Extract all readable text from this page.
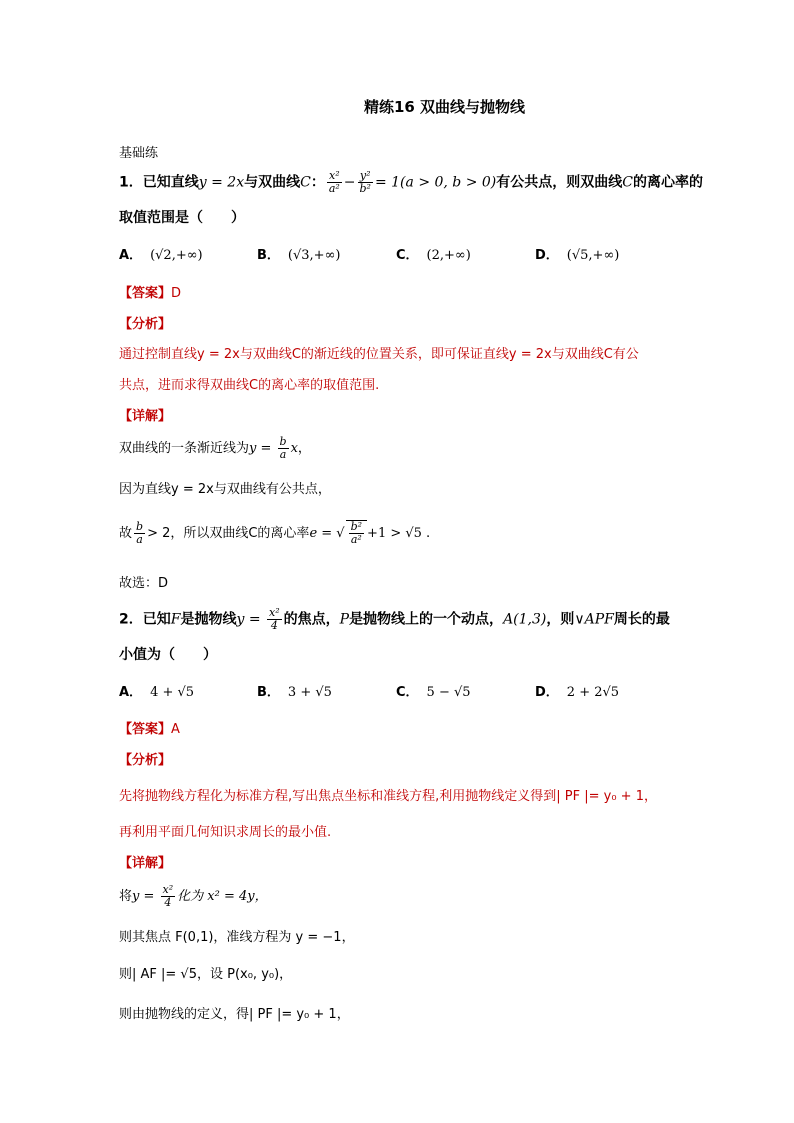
精练16 双曲线与抛物线
基础练
1．已知直线y = 2x与双曲线C： $\frac{\text{x²}}{\text{a²}} - \frac{\text{y²}}{\text{b²}} = 1(a > 0$, b > 0)有公共点，则双曲线C的离心率的
取值范围是（　　）
A． (√2,+∞)	B． (√3,+∞)	C． (2,+∞)	D． (√5,+∞)
【答案】D
【分析】
通过控制直线y = 2x与双曲线C的渐近线的位置关系，即可保证直线y = 2x与双曲线C有公
共点，进而求得双曲线C的离心率的取值范围.
【详解】
双曲线的一条渐近线为$y = \frac{b}{a}$ x，
因为直线y = 2x与双曲线有公共点，
故 $\frac{b}{a} > 2$，所以双曲线C的离心率e = √ $\frac{\text{b²}}{\text{a²}} +1 > √5$ .
故选：D
2．已知F是抛物线$y = \frac{\text{x²}}{4}$ 的焦点，P是抛物线上的一个动点，A(1,3)，则∨APF周长的最
小值为（　　）
A． 4 + √5	B． 3 + √5	C． 5 − √5	D． 2 + 2√5
【答案】A
【分析】
先将抛物线方程化为标准方程,写出焦点坐标和准线方程,利用抛物线定义得到| PF |= y₀ + 1，
再利用平面几何知识求周长的最小值.
【详解】
将$y = \frac{\text{x²}}{4}$ 化为 x² = 4y，
则其焦点 F(0,1)，准线方程为 y = −1，
则| AF |= √5，设 P(x₀, y₀)，
则由抛物线的定义，得| PF |= y₀ + 1，
